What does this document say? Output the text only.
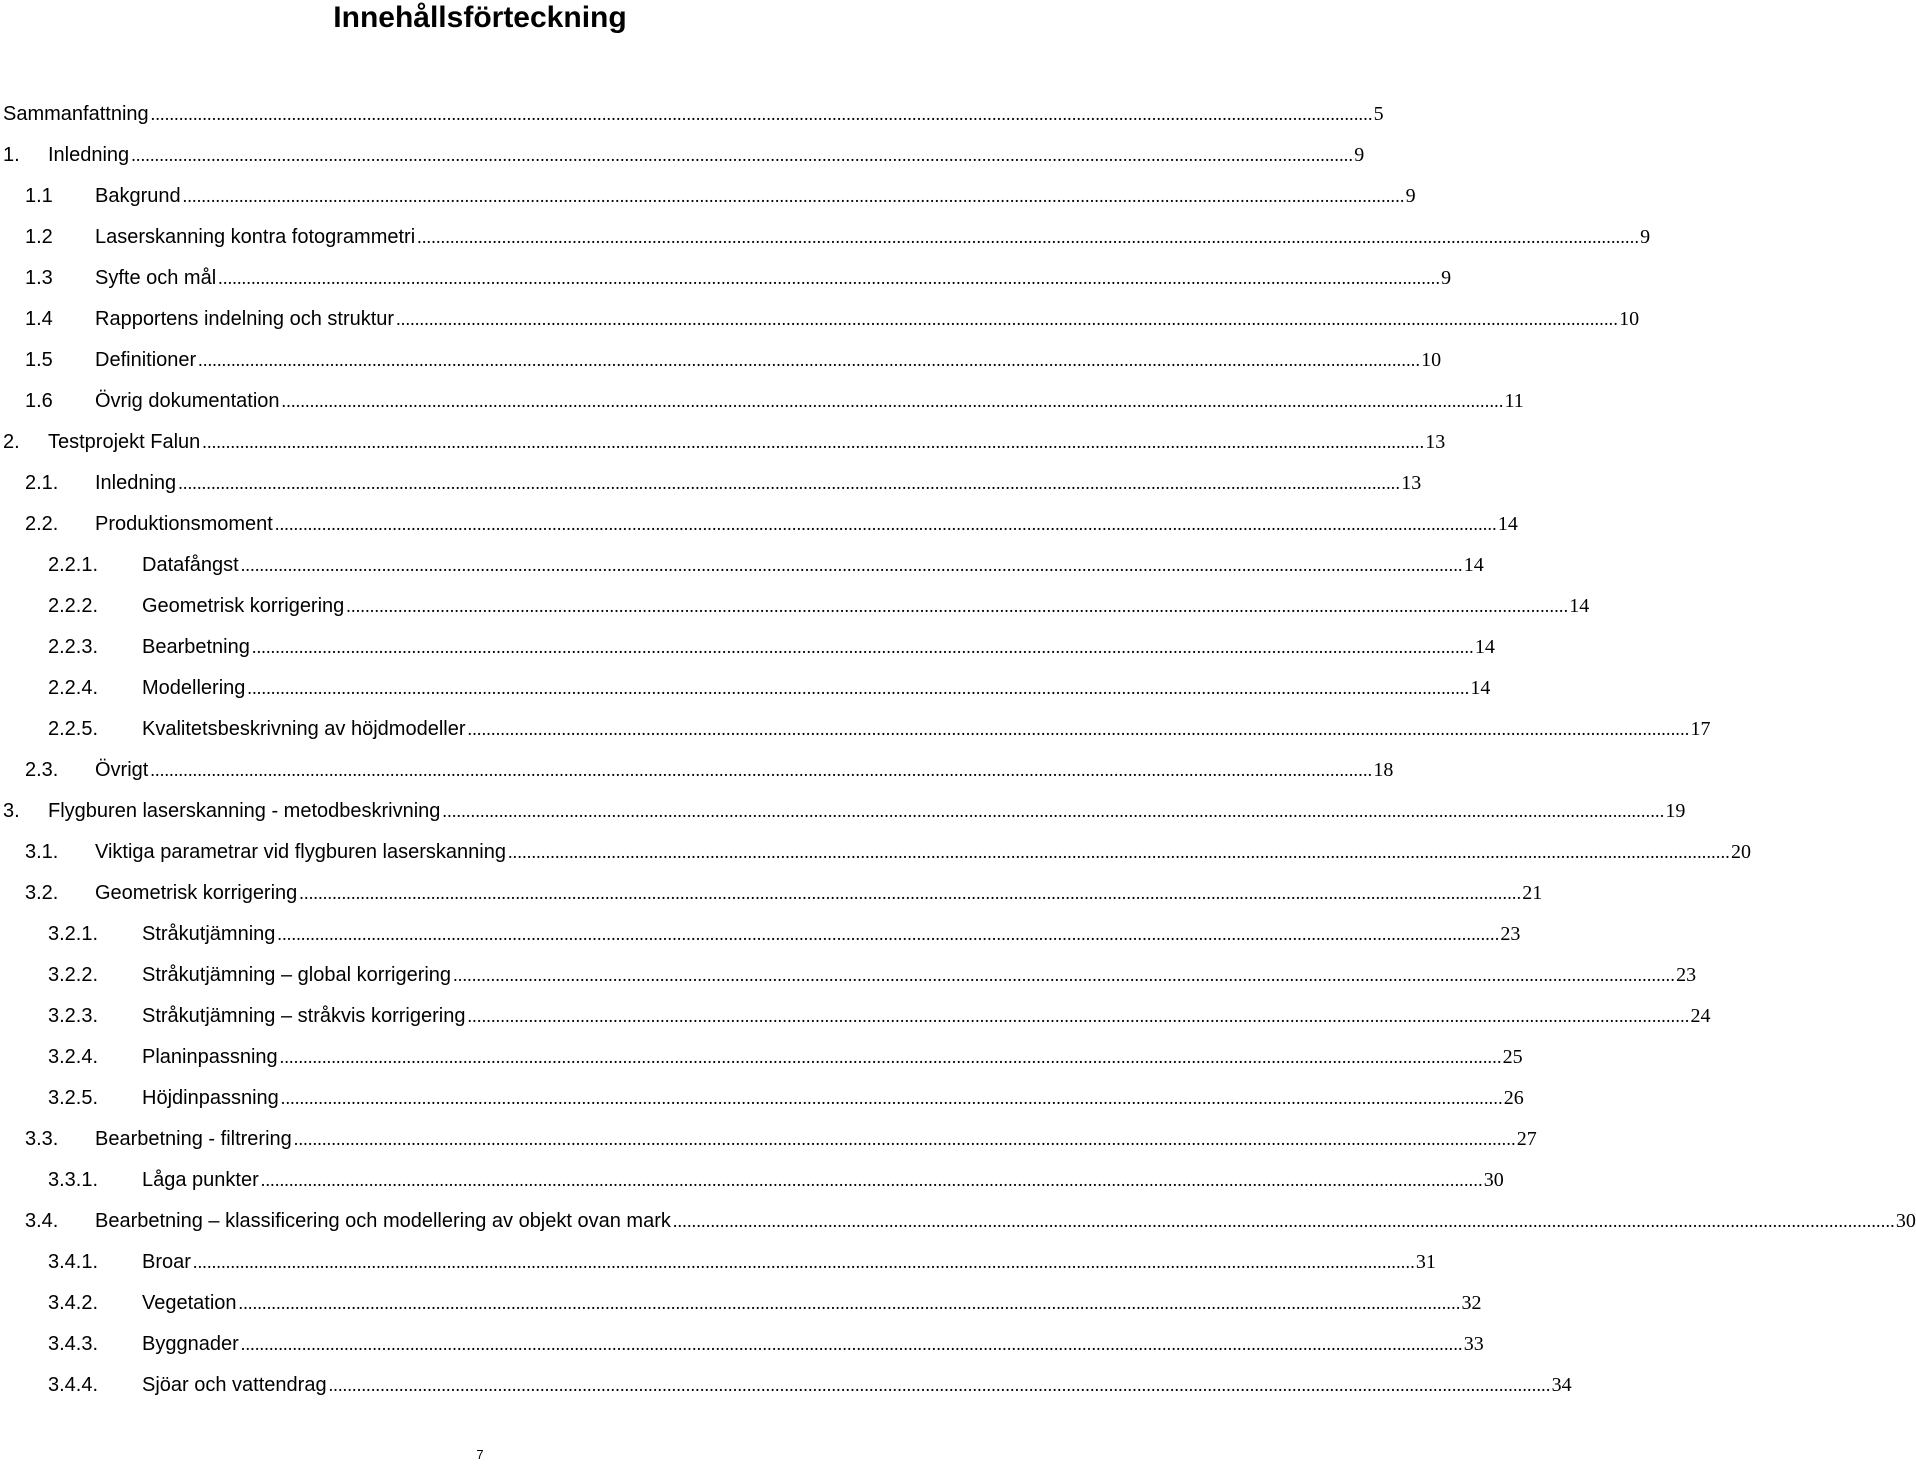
Innehållsförteckning
Sammanfattning .................................................................................................................................................................................................................................................................... 5
1. Inledning .................................................................................................................................................................................................................................................................... 9
1.1 Bakgrund .................................................................................................................................................................................................................................................................... 9
1.2 Laserskanning kontra fotogrammetri .................................................................................................................................................................................................................................................................... 9
1.3 Syfte och mål .................................................................................................................................................................................................................................................................... 9
1.4 Rapportens indelning och struktur .................................................................................................................................................................................................................................................................... 10
1.5 Definitioner .................................................................................................................................................................................................................................................................... 10
1.6 Övrig dokumentation .................................................................................................................................................................................................................................................................... 11
2. Testprojekt Falun .................................................................................................................................................................................................................................................................... 13
2.1. Inledning .................................................................................................................................................................................................................................................................... 13
2.2. Produktionsmoment .................................................................................................................................................................................................................................................................... 14
2.2.1. Datafångst .................................................................................................................................................................................................................................................................... 14
2.2.2. Geometrisk korrigering .................................................................................................................................................................................................................................................................... 14
2.2.3. Bearbetning .................................................................................................................................................................................................................................................................... 14
2.2.4. Modellering .................................................................................................................................................................................................................................................................... 14
2.2.5. Kvalitetsbeskrivning av höjdmodeller .................................................................................................................................................................................................................................................................... 17
2.3. Övrigt .................................................................................................................................................................................................................................................................... 18
3. Flygburen laserskanning - metodbeskrivning .................................................................................................................................................................................................................................................................... 19
3.1. Viktiga parametrar vid flygburen laserskanning .................................................................................................................................................................................................................................................................... 20
3.2. Geometrisk korrigering .................................................................................................................................................................................................................................................................... 21
3.2.1. Stråkutjämning .................................................................................................................................................................................................................................................................... 23
3.2.2. Stråkutjämning – global korrigering .................................................................................................................................................................................................................................................................... 23
3.2.3. Stråkutjämning – stråkvis korrigering .................................................................................................................................................................................................................................................................... 24
3.2.4. Planinpassning .................................................................................................................................................................................................................................................................... 25
3.2.5. Höjdinpassning .................................................................................................................................................................................................................................................................... 26
3.3. Bearbetning - filtrering .................................................................................................................................................................................................................................................................... 27
3.3.1. Låga punkter .................................................................................................................................................................................................................................................................... 30
3.4. Bearbetning – klassificering och modellering av objekt ovan mark .................................................................................................................................................................................................................................................................... 30
3.4.1. Broar .................................................................................................................................................................................................................................................................... 31
3.4.2. Vegetation .................................................................................................................................................................................................................................................................... 32
3.4.3. Byggnader .................................................................................................................................................................................................................................................................... 33
3.4.4. Sjöar och vattendrag .................................................................................................................................................................................................................................................................... 34
7
